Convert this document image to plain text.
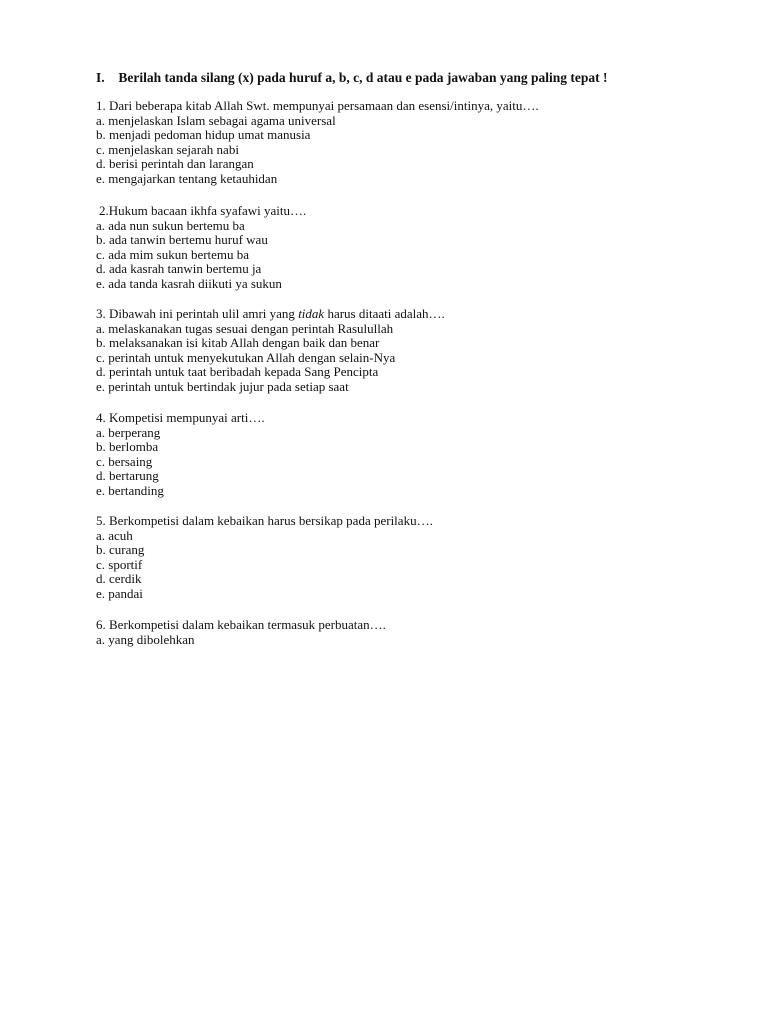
I. Berilah tanda silang (x) pada huruf a, b, c, d atau e pada jawaban yang paling tepat !
1. Dari beberapa kitab Allah Swt. mempunyai persamaan dan esensi/intinya, yaitu….
a. menjelaskan Islam sebagai agama universal
b. menjadi pedoman hidup umat manusia
c. menjelaskan sejarah nabi
d. berisi perintah dan larangan
e. mengajarkan tentang ketauhidan
2.Hukum bacaan ikhfa syafawi yaitu….
a. ada nun sukun bertemu ba
b. ada tanwin bertemu huruf wau
c. ada mim sukun bertemu ba
d. ada kasrah tanwin bertemu ja
e. ada tanda kasrah diikuti ya sukun
3. Dibawah ini perintah ulil amri yang tidak harus ditaati adalah….
a. melaskanakan tugas sesuai dengan perintah Rasulullah
b. melaksanakan isi kitab Allah dengan baik dan benar
c. perintah untuk menyekutukan Allah dengan selain-Nya
d. perintah untuk taat beribadah kepada Sang Pencipta
e. perintah untuk bertindak jujur pada setiap saat
4. Kompetisi mempunyai arti….
a. berperang
b. berlomba
c. bersaing
d. bertarung
e. bertanding
5. Berkompetisi dalam kebaikan harus bersikap pada perilaku….
a. acuh
b. curang
c. sportif
d. cerdik
e. pandai
6. Berkompetisi dalam kebaikan termasuk perbuatan….
a. yang dibolehkan
